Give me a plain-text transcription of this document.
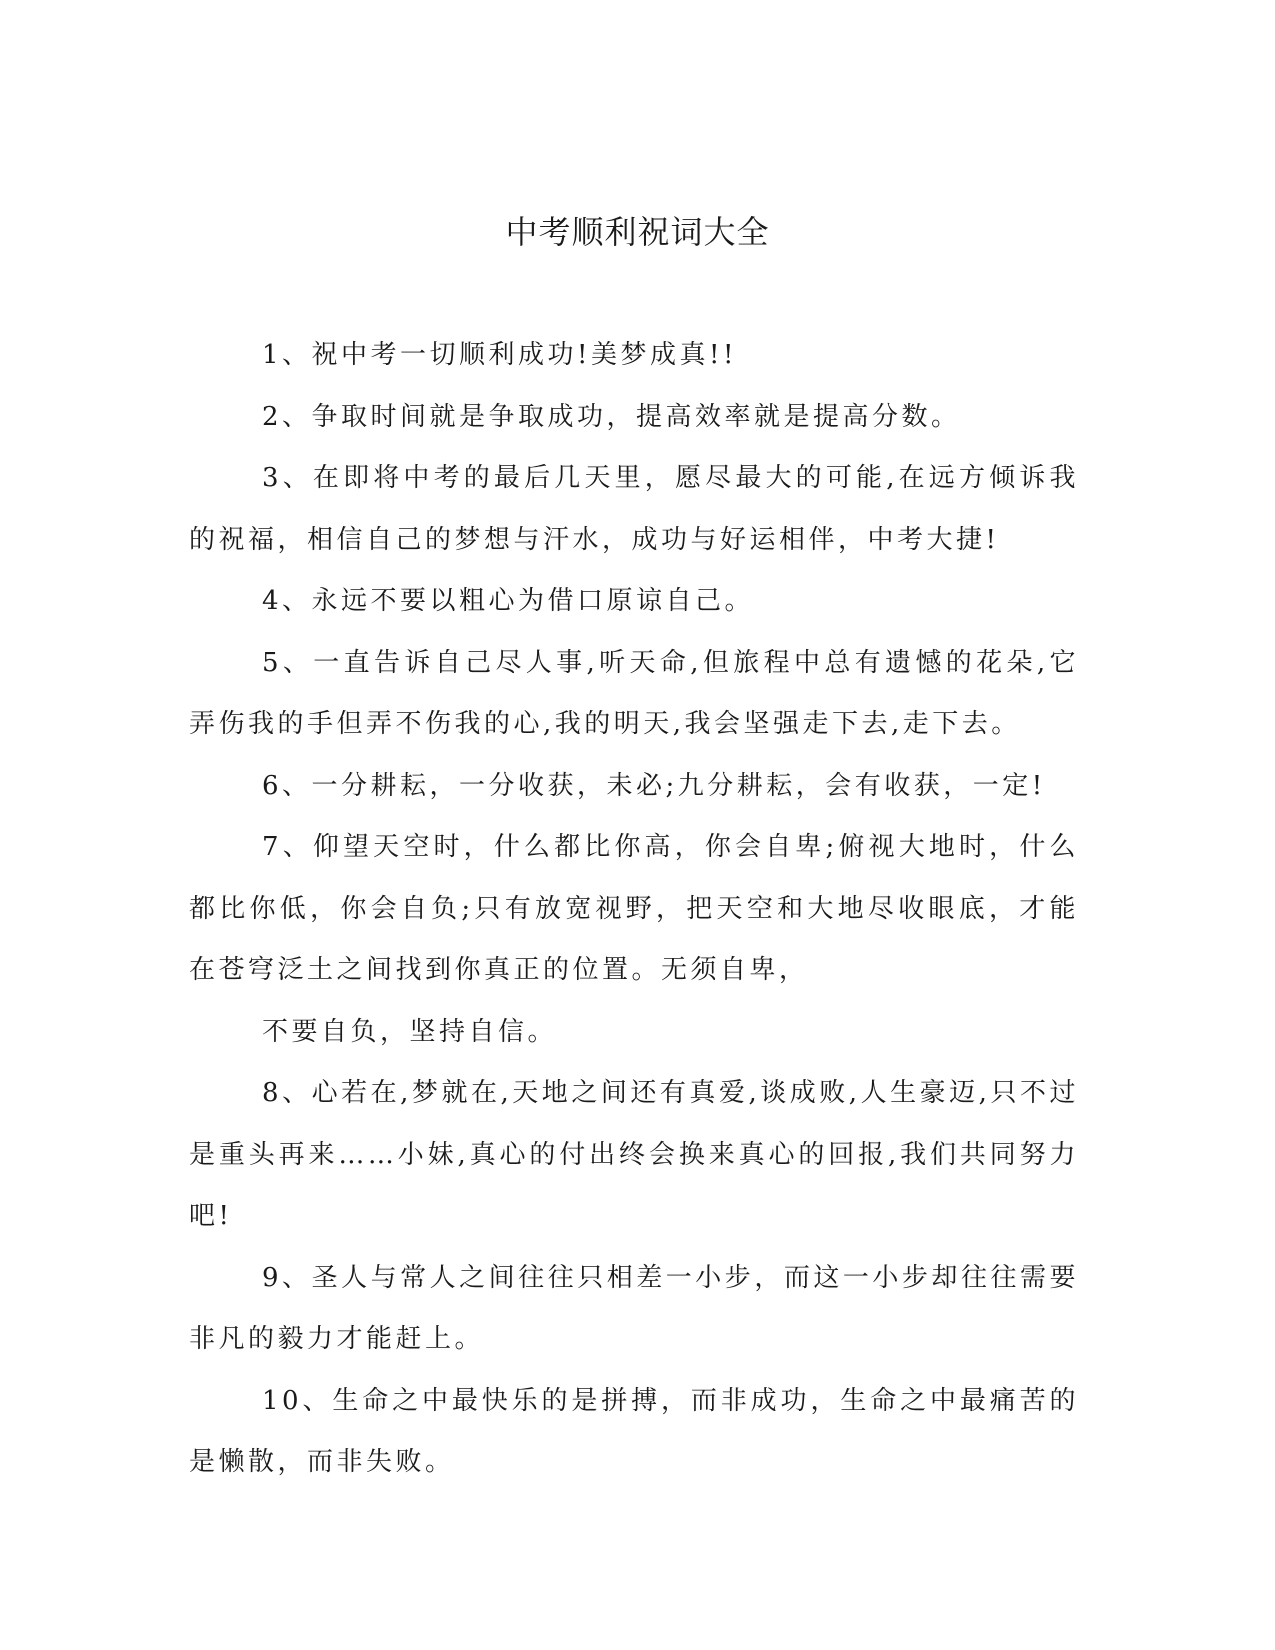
中考顺利祝词大全

1、祝中考一切顺利成功!美梦成真!!

2、争取时间就是争取成功，提高效率就是提高分数。

3、在即将中考的最后几天里，愿尽最大的可能,在远方倾诉我的祝福，相信自己的梦想与汗水，成功与好运相伴，中考大捷!

4、永远不要以粗心为借口原谅自己。

5、一直告诉自己尽人事,听天命,但旅程中总有遗憾的花朵,它弄伤我的手但弄不伤我的心,我的明天,我会坚强走下去,走下去。

6、一分耕耘，一分收获，未必;九分耕耘，会有收获，一定!

7、仰望天空时，什么都比你高，你会自卑;俯视大地时，什么都比你低，你会自负;只有放宽视野，把天空和大地尽收眼底，才能在苍穹泛土之间找到你真正的位置。无须自卑，

不要自负，坚持自信。

8、心若在,梦就在,天地之间还有真爱,谈成败,人生豪迈,只不过是重头再来……小妹,真心的付出终会换来真心的回报,我们共同努力吧!

9、圣人与常人之间往往只相差一小步，而这一小步却往往需要非凡的毅力才能赶上。

10、生命之中最快乐的是拼搏，而非成功，生命之中最痛苦的是懒散，而非失败。
